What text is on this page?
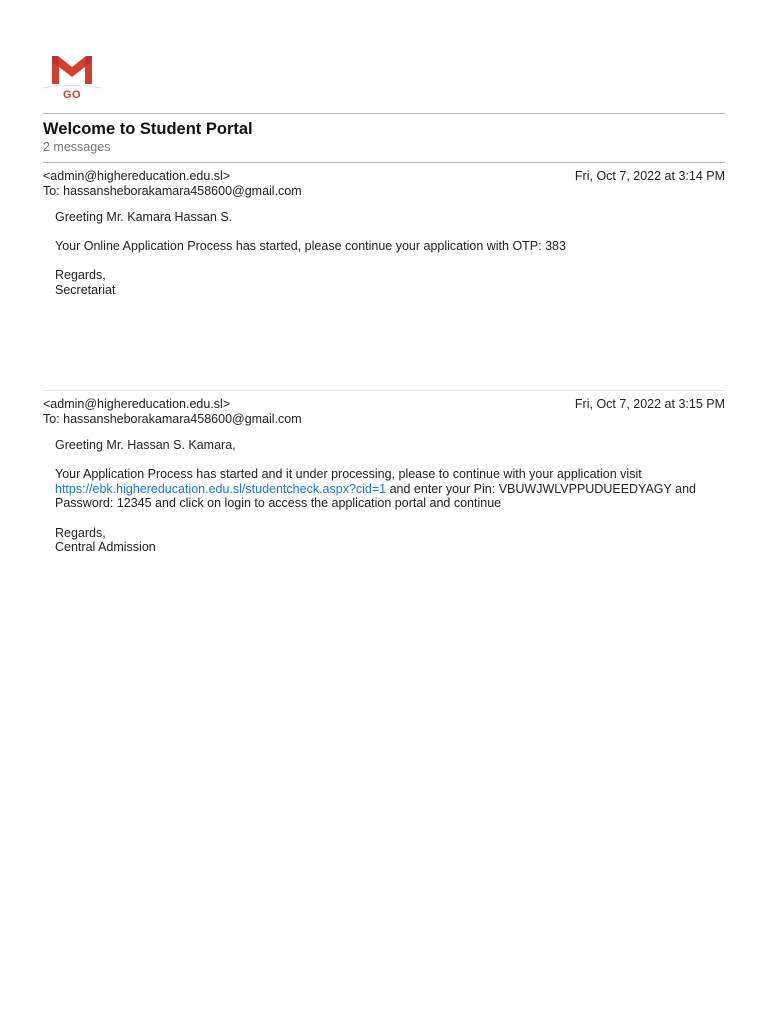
GO
Welcome to Student Portal
2 messages
<admin@highereducation.edu.sl>	Fri, Oct 7, 2022 at 3:14 PM
To: hassansheborakamara458600@gmail.com

Greeting Mr. Kamara Hassan S.

Your Online Application Process has started, please continue your application with OTP: 383

Regards,
Secretariat
<admin@highereducation.edu.sl>	Fri, Oct 7, 2022 at 3:15 PM
To: hassansheborakamara458600@gmail.com

Greeting Mr. Hassan S. Kamara,

Your Application Process has started and it under processing, please to continue with your application visit
https://ebk.highereducation.edu.sl/studentcheck.aspx?cid=1 and enter your Pin: VBUWJWLVPPUDUEEDYAGY and
Password: 12345 and click on login to access the application portal and continue

Regards,
Central Admission
